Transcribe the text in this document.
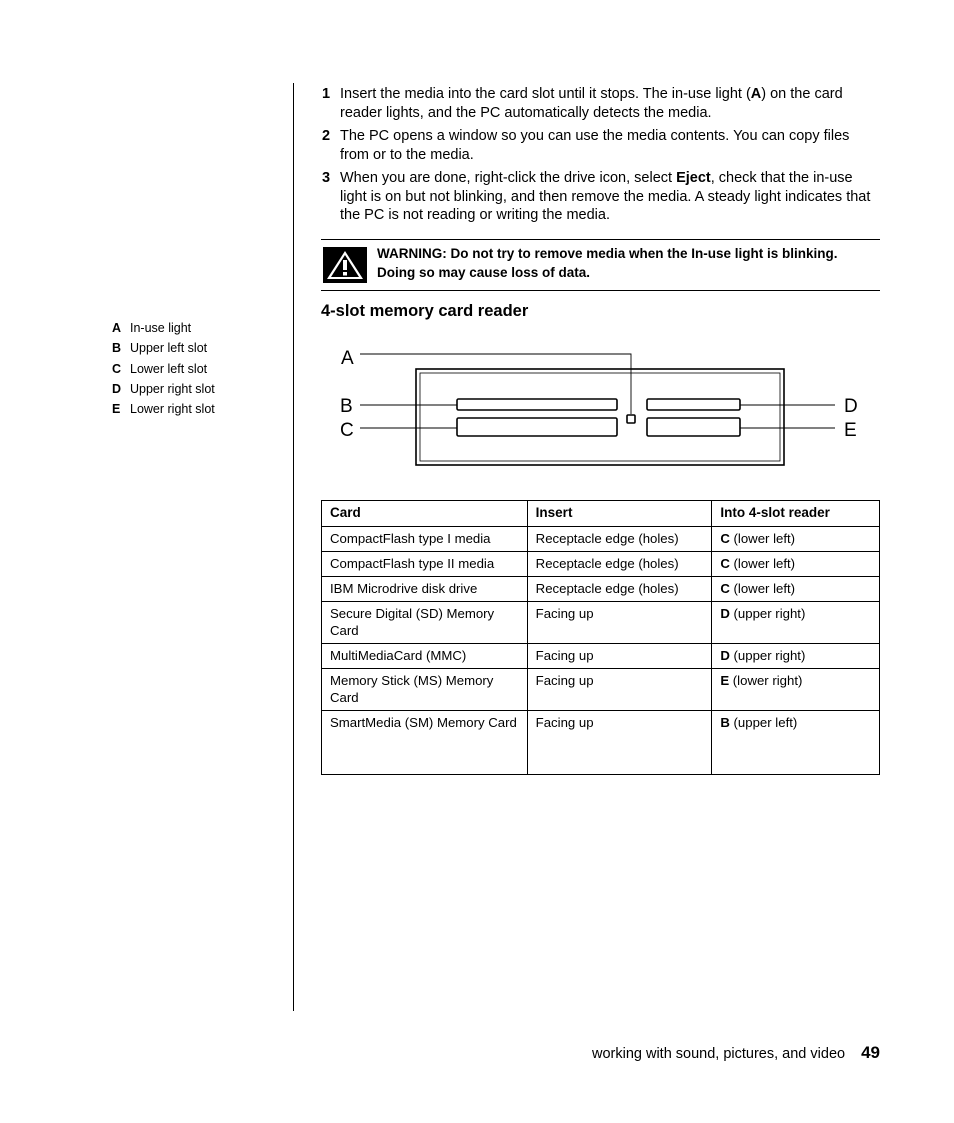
1 Insert the media into the card slot until it stops. The in-use light (A) on the card reader lights, and the PC automatically detects the media.
2 The PC opens a window so you can use the media contents. You can copy files from or to the media.
3 When you are done, right-click the drive icon, select Eject, check that the in-use light is on but not blinking, and then remove the media. A steady light indicates that the PC is not reading or writing the media.
WARNING: Do not try to remove media when the In-use light is blinking. Doing so may cause loss of data.
4-slot memory card reader
A In-use light
B Upper left slot
C Lower left slot
D Upper right slot
E Lower right slot
A
B
C
D
E
Card	Insert	Into 4-slot reader
CompactFlash type I media	Receptacle edge (holes)	C (lower left)
CompactFlash type II media	Receptacle edge (holes)	C (lower left)
IBM Microdrive disk drive	Receptacle edge (holes)	C (lower left)
Secure Digital (SD) Memory Card	Facing up	D (upper right)
MultiMediaCard (MMC)	Facing up	D (upper right)
Memory Stick (MS) Memory Card	Facing up	E (lower right)
SmartMedia (SM) Memory Card	Facing up	B (upper left)
working with sound, pictures, and video 49
